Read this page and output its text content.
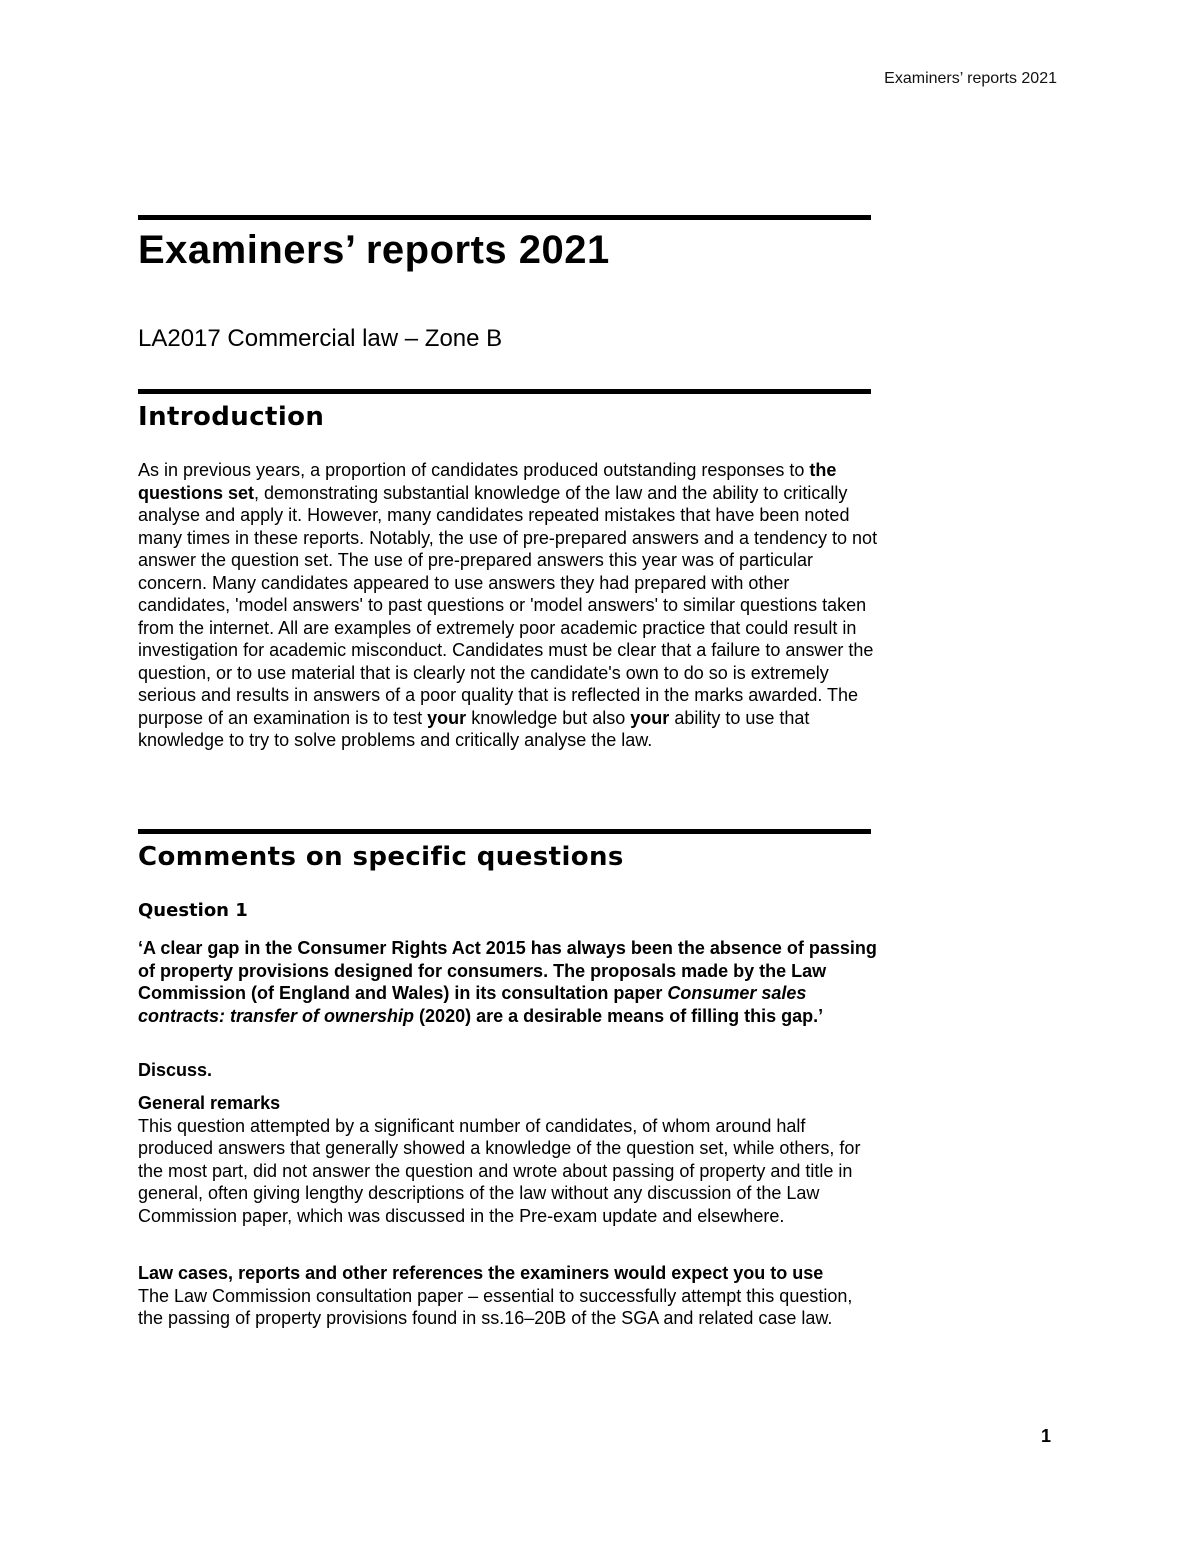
Examiners’ reports 2021
Examiners’ reports 2021
LA2017 Commercial law – Zone B
Introduction

As in previous years, a proportion of candidates produced outstanding responses to the questions set, demonstrating substantial knowledge of the law and the ability to critically analyse and apply it. However, many candidates repeated mistakes that have been noted many times in these reports. Notably, the use of pre-prepared answers and a tendency to not answer the question set. The use of pre-prepared answers this year was of particular concern. Many candidates appeared to use answers they had prepared with other candidates, 'model answers' to past questions or 'model answers' to similar questions taken from the internet. All are examples of extremely poor academic practice that could result in investigation for academic misconduct. Candidates must be clear that a failure to answer the question, or to use material that is clearly not the candidate's own to do so is extremely serious and results in answers of a poor quality that is reflected in the marks awarded. The purpose of an examination is to test your knowledge but also your ability to use that knowledge to try to solve problems and critically analyse the law.

Comments on specific questions

Question 1

‘A clear gap in the Consumer Rights Act 2015 has always been the absence of passing of property provisions designed for consumers. The proposals made by the Law Commission (of England and Wales) in its consultation paper Consumer sales contracts: transfer of ownership (2020) are a desirable means of filling this gap.’

Discuss.

General remarks
This question attempted by a significant number of candidates, of whom around half produced answers that generally showed a knowledge of the question set, while others, for the most part, did not answer the question and wrote about passing of property and title in general, often giving lengthy descriptions of the law without any discussion of the Law Commission paper, which was discussed in the Pre-exam update and elsewhere.

Law cases, reports and other references the examiners would expect you to use
The Law Commission consultation paper – essential to successfully attempt this question, the passing of property provisions found in ss.16–20B of the SGA and related case law.

1
